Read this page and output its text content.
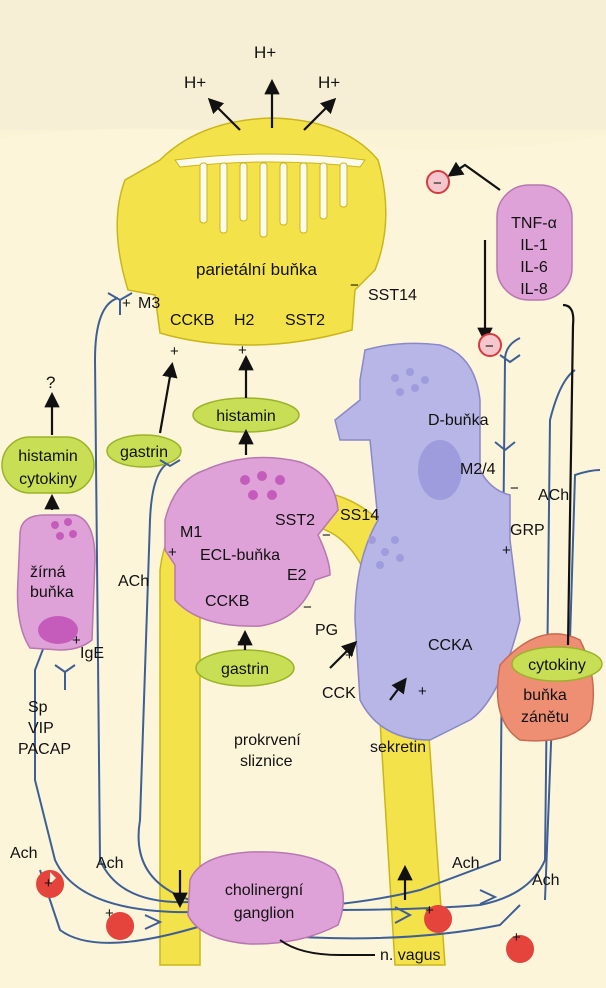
H+
H+
H+
parietální buňka
M3
CCKB H2 SST2
SST14
histamin
gastrin
ECL-buňka
M1
SST2
E2
CCKB
SS14
PG
ACh
D-buňka
M2/4
GRP
CCKA
ACh
?
histamin
cytokiny
žírná
buňka
IgE
Sp
VIP
PACAP
gastrin
CCK
prokrvení
sliznice
sekretin
TNF-α
IL-1
IL-6
IL-8
cytokiny
buňka
zánětu
cholinergní
ganglion
n. vagus
Ach
Ach	Ach
Ach
+
+	+
−
−
−
+
−
−
+
−
+
+
+
+
+
+	+
+
